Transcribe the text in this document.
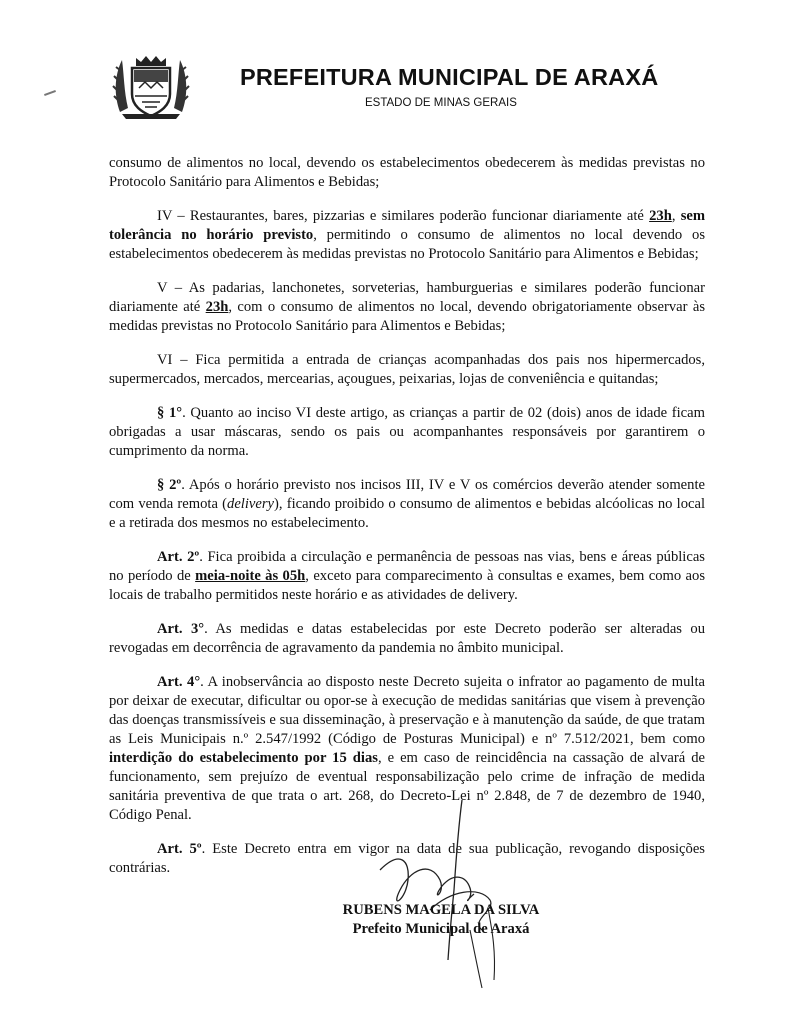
PREFEITURA MUNICIPAL DE ARAXÁ
ESTADO DE MINAS GERAIS

consumo de alimentos no local, devendo os estabelecimentos obedecerem às medidas previstas no Protocolo Sanitário para Alimentos e Bebidas;

IV – Restaurantes, bares, pizzarias e similares poderão funcionar diariamente até 23h, sem tolerância no horário previsto, permitindo o consumo de alimentos no local devendo os estabelecimentos obedecerem às medidas previstas no Protocolo Sanitário para Alimentos e Bebidas;

V – As padarias, lanchonetes, sorveterias, hamburguerias e similares poderão funcionar diariamente até 23h, com o consumo de alimentos no local, devendo obrigatoriamente observar às medidas previstas no Protocolo Sanitário para Alimentos e Bebidas;

VI – Fica permitida a entrada de crianças acompanhadas dos pais nos hipermercados, supermercados, mercados, mercearias, açougues, peixarias, lojas de conveniência e quitandas;

§ 1°. Quanto ao inciso VI deste artigo, as crianças a partir de 02 (dois) anos de idade ficam obrigadas a usar máscaras, sendo os pais ou acompanhantes responsáveis por garantirem o cumprimento da norma.

§ 2º. Após o horário previsto nos incisos III, IV e V os comércios deverão atender somente com venda remota (delivery), ficando proibido o consumo de alimentos e bebidas alcóolicas no local e a retirada dos mesmos no estabelecimento.

Art. 2º. Fica proibida a circulação e permanência de pessoas nas vias, bens e áreas públicas no período de meia-noite às 05h, exceto para comparecimento à consultas e exames, bem como aos locais de trabalho permitidos neste horário e as atividades de delivery.

Art. 3°. As medidas e datas estabelecidas por este Decreto poderão ser alteradas ou revogadas em decorrência de agravamento da pandemia no âmbito municipal.

Art. 4°. A inobservância ao disposto neste Decreto sujeita o infrator ao pagamento de multa por deixar de executar, dificultar ou opor-se à execução de medidas sanitárias que visem à prevenção das doenças transmissíveis e sua disseminação, à preservação e à manutenção da saúde, de que tratam as Leis Municipais n.º 2.547/1992 (Código de Posturas Municipal) e nº 7.512/2021, bem como interdição do estabelecimento por 15 dias, e em caso de reincidência na cassação de alvará de funcionamento, sem prejuízo de eventual responsabilização pelo crime de infração de medida sanitária preventiva de que trata o art. 268, do Decreto-Lei nº 2.848, de 7 de dezembro de 1940, Código Penal.

Art. 5º. Este Decreto entra em vigor na data de sua publicação, revogando disposições contrárias.

RUBENS MAGELA DA SILVA
Prefeito Municipal de Araxá
